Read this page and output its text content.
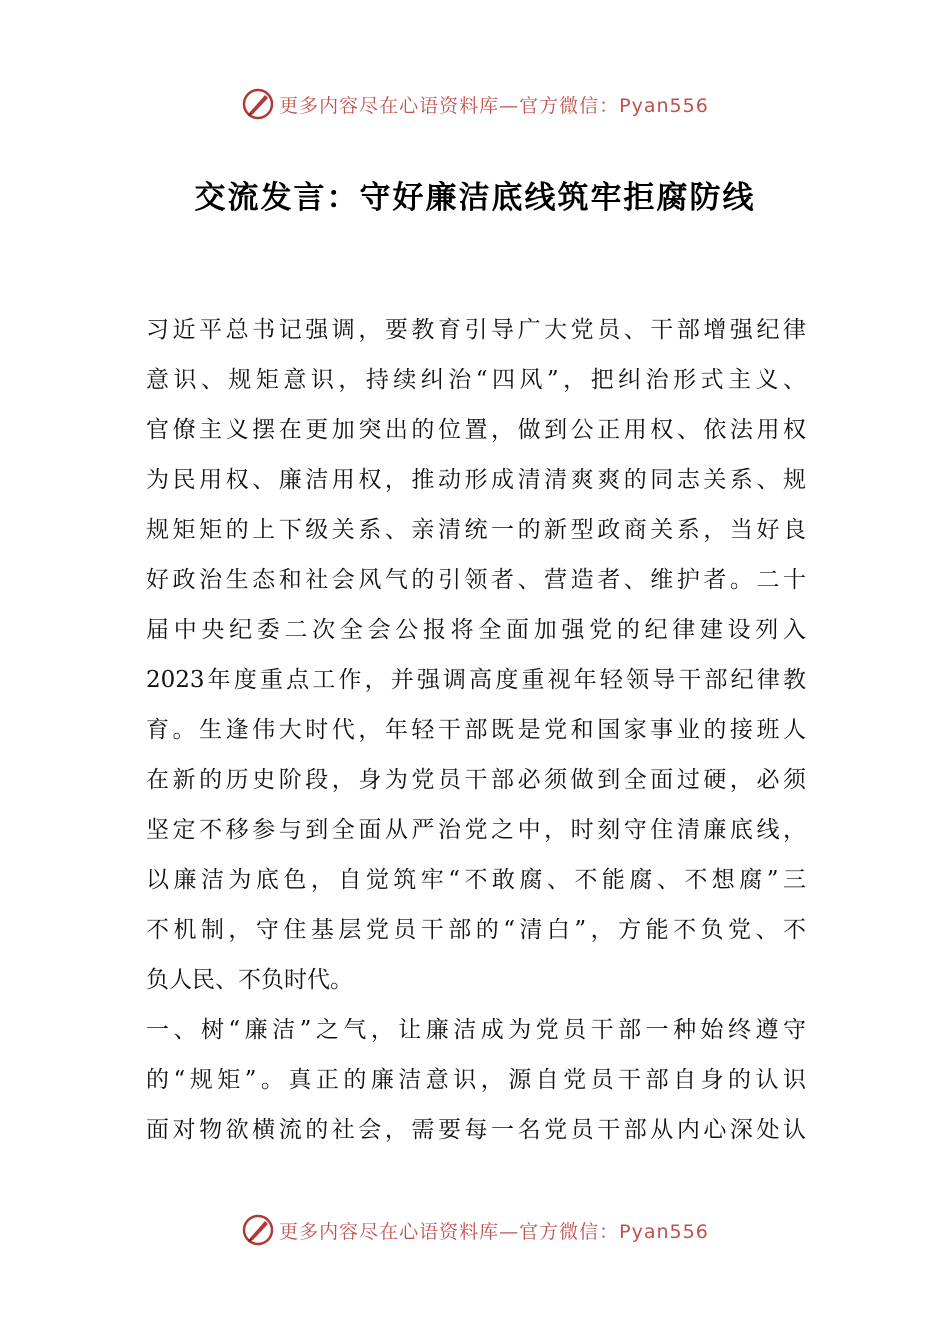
更多内容尽在心语资料库—官方微信：Pyan556
交流发言：守好廉洁底线筑牢拒腐防线
习近平总书记强调，要教育引导广大党员、干部增强纪律
意识、规矩意识，持续纠治“四风”，把纠治形式主义、
官僚主义摆在更加突出的位置，做到公正用权、依法用权
为民用权、廉洁用权，推动形成清清爽爽的同志关系、规
规矩矩的上下级关系、亲清统一的新型政商关系，当好良
好政治生态和社会风气的引领者、营造者、维护者。二十
届中央纪委二次全会公报将全面加强党的纪律建设列入
2023年度重点工作，并强调高度重视年轻领导干部纪律教
育。生逢伟大时代，年轻干部既是党和国家事业的接班人
在新的历史阶段，身为党员干部必须做到全面过硬，必须
坚定不移参与到全面从严治党之中，时刻守住清廉底线，
以廉洁为底色，自觉筑牢“不敢腐、不能腐、不想腐”三
不机制，守住基层党员干部的“清白”，方能不负党、不
负人民、不负时代。
一、树“廉洁”之气，让廉洁成为党员干部一种始终遵守
的“规矩”。真正的廉洁意识，源自党员干部自身的认识
面对物欲横流的社会，需要每一名党员干部从内心深处认
更多内容尽在心语资料库—官方微信：Pyan556
